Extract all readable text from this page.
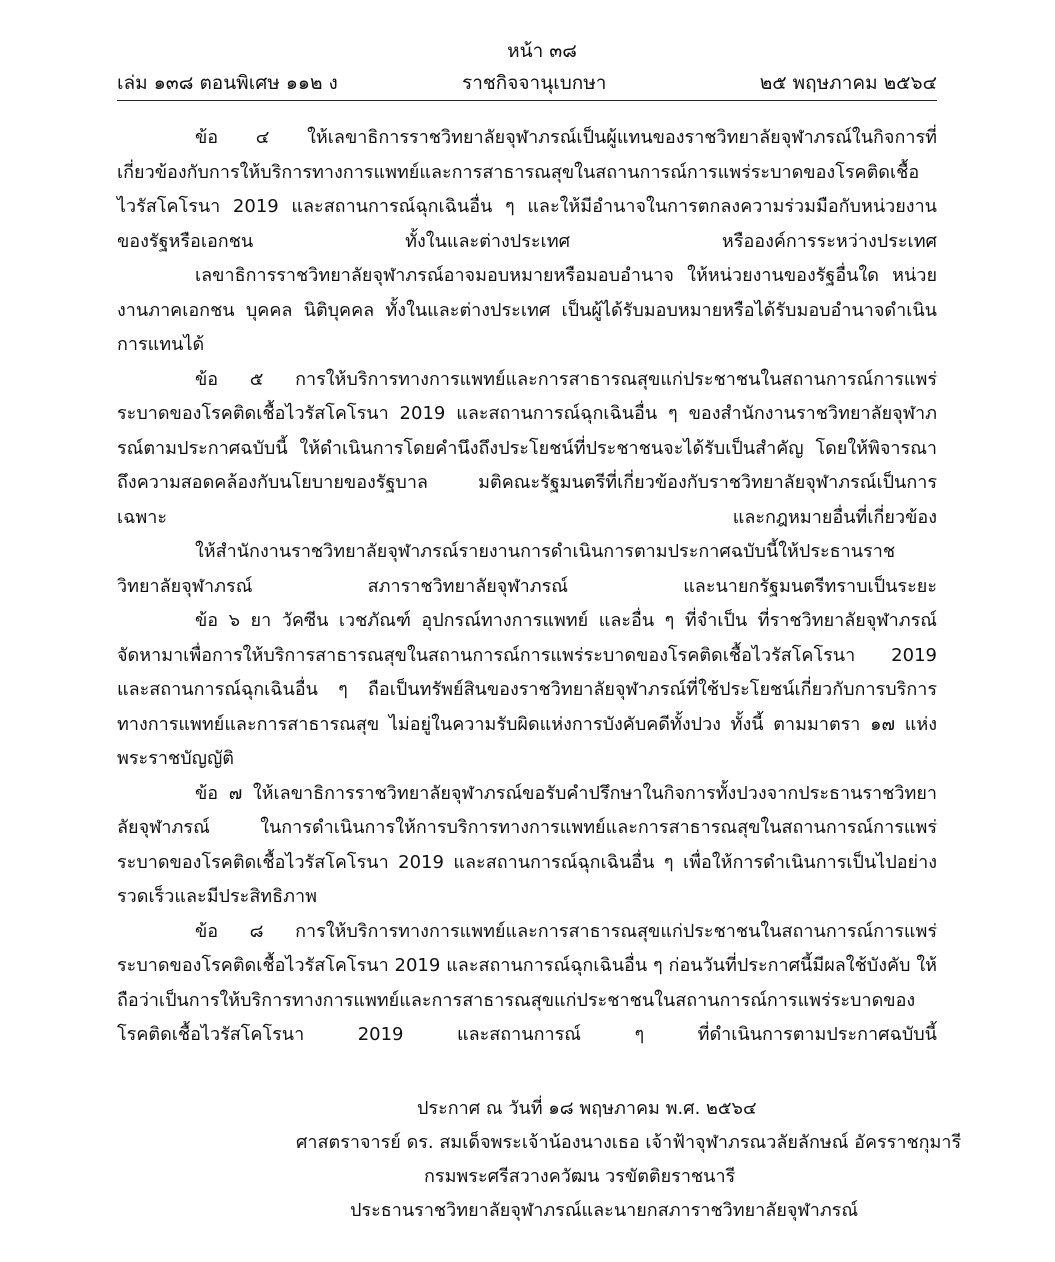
หน้า ๓๘
เล่ม ๑๓๘ ตอนพิเศษ ๑๑๒ ง	ราชกิจจานุเบกษา	๒๕ พฤษภาคม ๒๕๖๔

ข้อ ๔ ให้เลขาธิการราชวิทยาลัยจุฬาภรณ์เป็นผู้แทนของราชวิทยาลัยจุฬาภรณ์ในกิจการที่เกี่ยวข้องกับการให้บริการทางการแพทย์และการสาธารณสุขในสถานการณ์การแพร่ระบาดของโรคติดเชื้อไวรัสโคโรนา 2019 และสถานการณ์ฉุกเฉินอื่น ๆ และให้มีอำนาจในการตกลงความร่วมมือกับหน่วยงานของรัฐหรือเอกชน ทั้งในและต่างประเทศ หรือองค์การระหว่างประเทศ

เลขาธิการราชวิทยาลัยจุฬาภรณ์อาจมอบหมายหรือมอบอำนาจ ให้หน่วยงานของรัฐอื่นใด หน่วยงานภาคเอกชน บุคคล นิติบุคคล ทั้งในและต่างประเทศ เป็นผู้ได้รับมอบหมายหรือได้รับมอบอำนาจดำเนินการแทนได้

ข้อ ๕ การให้บริการทางการแพทย์และการสาธารณสุขแก่ประชาชนในสถานการณ์การแพร่ระบาดของโรคติดเชื้อไวรัสโคโรนา 2019 และสถานการณ์ฉุกเฉินอื่น ๆ ของสำนักงานราชวิทยาลัยจุฬาภรณ์ตามประกาศฉบับนี้ ให้ดำเนินการโดยคำนึงถึงประโยชน์ที่ประชาชนจะได้รับเป็นสำคัญ โดยให้พิจารณาถึงความสอดคล้องกับนโยบายของรัฐบาล มติคณะรัฐมนตรีที่เกี่ยวข้องกับราชวิทยาลัยจุฬาภรณ์เป็นการเฉพาะ และกฎหมายอื่นที่เกี่ยวข้อง

ให้สำนักงานราชวิทยาลัยจุฬาภรณ์รายงานการดำเนินการตามประกาศฉบับนี้ให้ประธานราชวิทยาลัยจุฬาภรณ์ สภาราชวิทยาลัยจุฬาภรณ์ และนายกรัฐมนตรีทราบเป็นระยะ

ข้อ ๖ ยา วัคซีน เวชภัณฑ์ อุปกรณ์ทางการแพทย์ และอื่น ๆ ที่จำเป็น ที่ราชวิทยาลัยจุฬาภรณ์จัดหามาเพื่อการให้บริการสาธารณสุขในสถานการณ์การแพร่ระบาดของโรคติดเชื้อไวรัสโคโรนา 2019 และสถานการณ์ฉุกเฉินอื่น ๆ ถือเป็นทรัพย์สินของราชวิทยาลัยจุฬาภรณ์ที่ใช้ประโยชน์เกี่ยวกับการบริการทางการแพทย์และการสาธารณสุข ไม่อยู่ในความรับผิดแห่งการบังคับคดีทั้งปวง ทั้งนี้ ตามมาตรา ๑๗ แห่งพระราชบัญญัติ

ข้อ ๗ ให้เลขาธิการราชวิทยาลัยจุฬาภรณ์ขอรับคำปรึกษาในกิจการทั้งปวงจากประธานราชวิทยาลัยจุฬาภรณ์ ในการดำเนินการให้การบริการทางการแพทย์และการสาธารณสุขในสถานการณ์การแพร่ระบาดของโรคติดเชื้อไวรัสโคโรนา 2019 และสถานการณ์ฉุกเฉินอื่น ๆ เพื่อให้การดำเนินการเป็นไปอย่างรวดเร็วและมีประสิทธิภาพ

ข้อ ๘ การให้บริการทางการแพทย์และการสาธารณสุขแก่ประชาชนในสถานการณ์การแพร่ระบาดของโรคติดเชื้อไวรัสโคโรนา 2019 และสถานการณ์ฉุกเฉินอื่น ๆ ก่อนวันที่ประกาศนี้มีผลใช้บังคับ ให้ถือว่าเป็นการให้บริการทางการแพทย์และการสาธารณสุขแก่ประชาชนในสถานการณ์การแพร่ระบาดของโรคติดเชื้อไวรัสโคโรนา 2019 และสถานการณ์ ๆ ที่ดำเนินการตามประกาศฉบับนี้

ประกาศ ณ วันที่ ๑๘ พฤษภาคม พ.ศ. ๒๕๖๔
ศาสตราจารย์ ดร. สมเด็จพระเจ้าน้องนางเธอ เจ้าฟ้าจุฬาภรณวลัยลักษณ์ อัครราชกุมารี
กรมพระศรีสวางควัฒน วรขัตติยราชนารี
ประธานราชวิทยาลัยจุฬาภรณ์และนายกสภาราชวิทยาลัยจุฬาภรณ์
